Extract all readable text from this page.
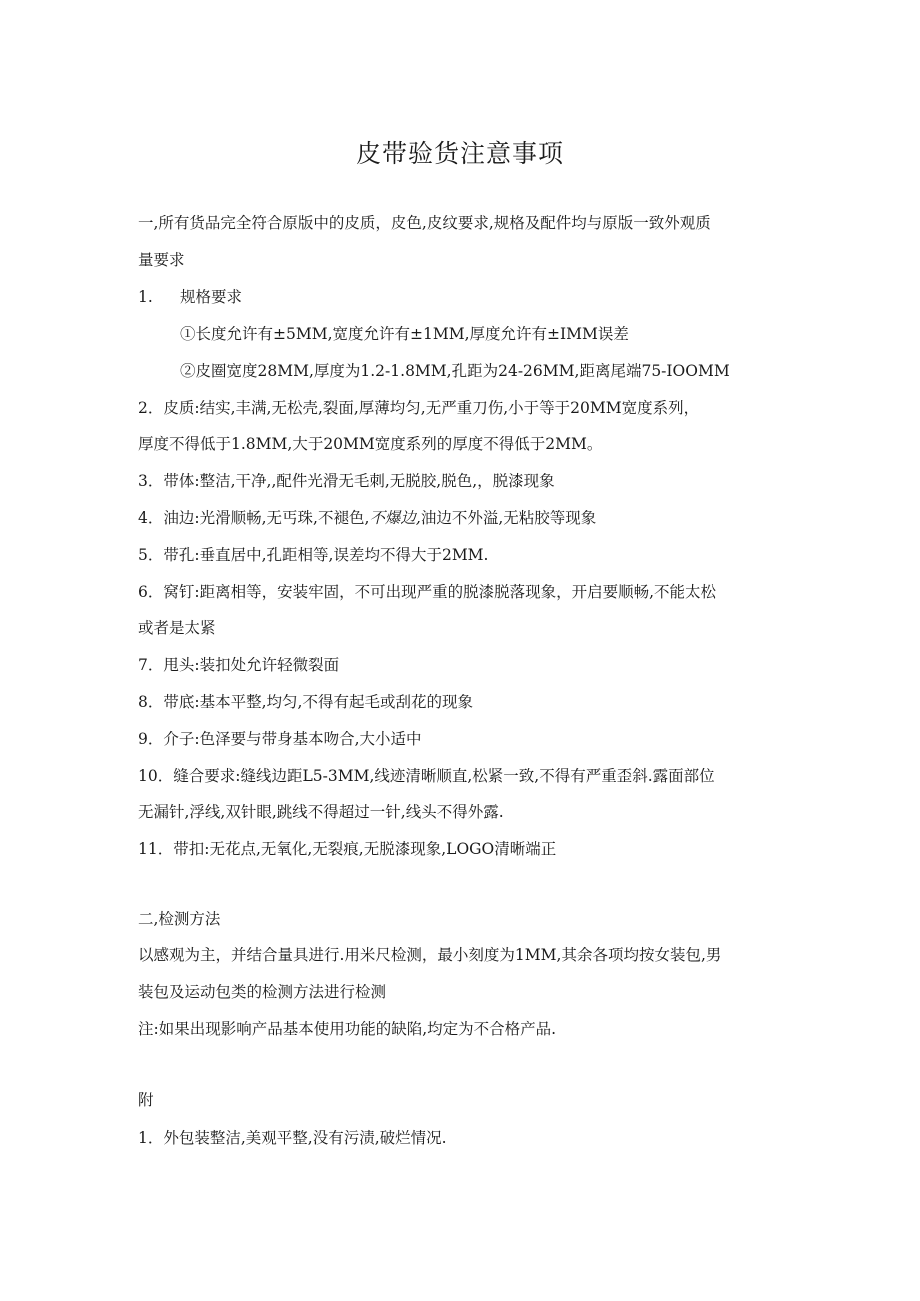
皮带验货注意事项
一,所有货品完全符合原版中的皮质，皮色,皮纹要求,规格及配件均与原版一致外观质
量要求
1. 规格要求
①长度允许有±5MM,宽度允许有±1MM,厚度允许有±IMM误差
②皮圈宽度28MM,厚度为1.2-1.8MM,孔距为24-26MM,距离尾端75-IOOMM
2．皮质:结实,丰满,无松壳,裂面,厚薄均匀,无严重刀伤,小于等于20MM宽度系列，
厚度不得低于1.8MM,大于20MM宽度系列的厚度不得低于2MM。
3．带体:整洁,干净,,配件光滑无毛刺,无脱胶,脱色,，脱漆现象
4．油边:光滑顺畅,无丐珠,不褪色,不爆边,油边不外溢,无粘胶等现象
5．带孔:垂直居中,孔距相等,误差均不得大于2MM.
6．窝钉:距离相等，安装牢固，不可出现严重的脱漆脱落现象，开启要顺畅,不能太松
或者是太紧
7．甩头:装扣处允许轻微裂面
8．带底:基本平整,均匀,不得有起毛或刮花的现象
9．介子:色泽要与带身基本吻合,大小适中
10．缝合要求:缝线边距L5-3MM,线迹清晰顺直,松紧一致,不得有严重歪斜.露面部位
无漏针,浮线,双针眼,跳线不得超过一针,线头不得外露.
11．带扣:无花点,无氧化,无裂痕,无脱漆现象,LOGO清晰端正
二,检测方法
以感观为主，并结合量具进行.用米尺检测，最小刻度为1MM,其余各项均按女装包,男
装包及运动包类的检测方法进行检测
注:如果出现影响产品基本使用功能的缺陷,均定为不合格产品.
附
1．外包装整洁,美观平整,没有污渍,破烂情况.
